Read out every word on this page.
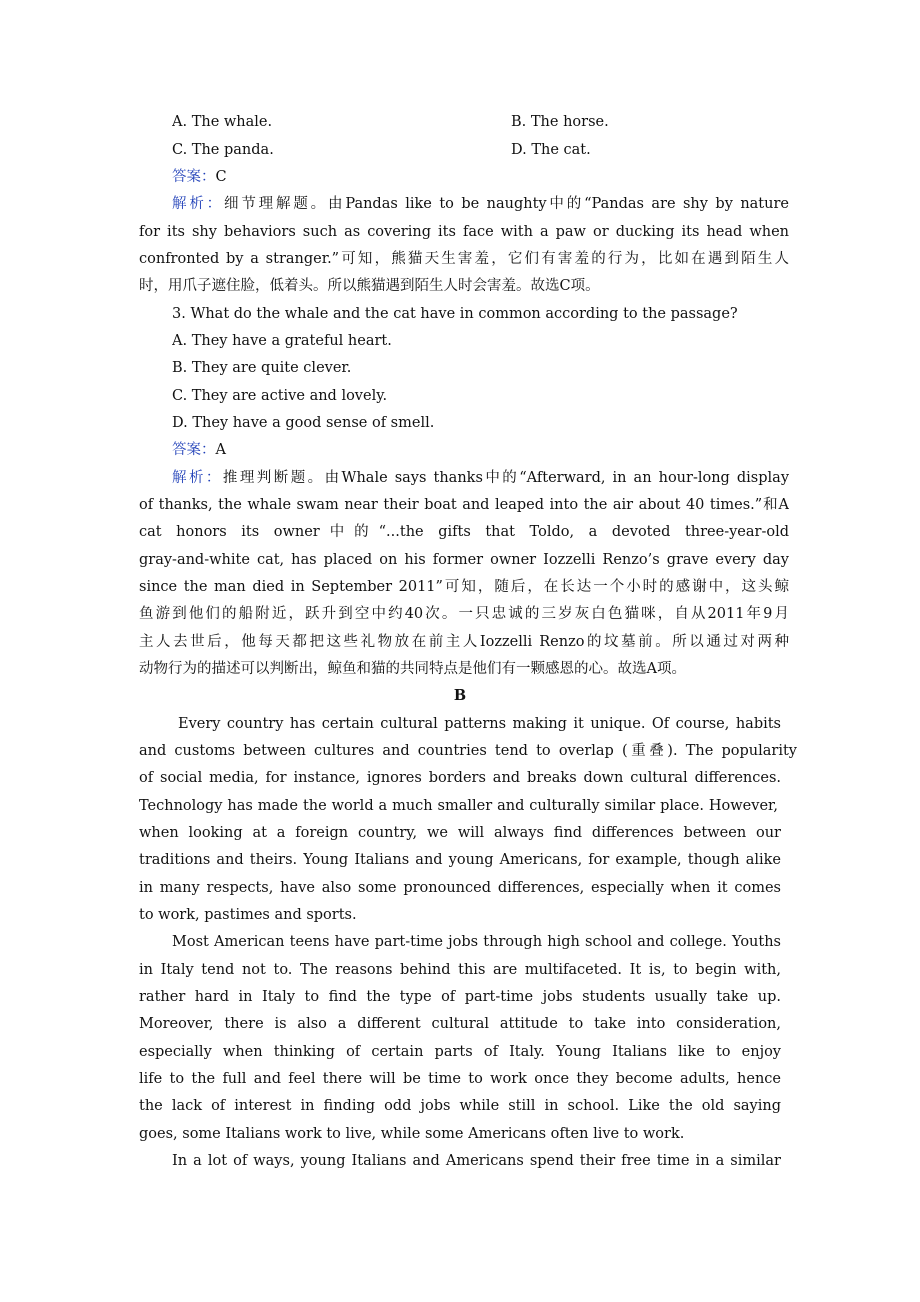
A. The whale.	B. The horse.
C. The panda.	D. The cat.
答案：C
解析：细节理解题。由Pandas like to be naughty中的“Pandas are shy by nature
for its shy behaviors such as covering its face with a paw or ducking its head when
confronted by a stranger.”可知，熊猫天生害羞，它们有害羞的行为，比如在遇到陌生人
时，用爪子遮住脸，低着头。所以熊猫遇到陌生人时会害羞。故选C项。
3. What do the whale and the cat have in common according to the passage?
A. They have a grateful heart.
B. They are quite clever.
C. They are active and lovely.
D. They have a good sense of smell.
答案：A
解析：推理判断题。由Whale says thanks中的“Afterward, in an hour-long display
of thanks, the whale swam near their boat and leaped into the air about 40 times.”和A
cat honors its owner中的“...the gifts that Toldo, a devoted three-year-old
gray-and-white cat, has placed on his former owner Iozzelli Renzo’s grave every day
since the man died in September 2011”可知，随后，在长达一个小时的感谢中，这头鲸
鱼游到他们的船附近，跃升到空中约40次。一只忠诚的三岁灰白色猫咪，自从2011年9月
主人去世后，他每天都把这些礼物放在前主人Iozzelli Renzo的坟墓前。所以通过对两种
动物行为的描述可以判断出，鲸鱼和猫的共同特点是他们有一颗感恩的心。故选A项。
B
Every country has certain cultural patterns making it unique. Of course, habits
and customs between cultures and countries tend to overlap (重叠). The popularity
of social media, for instance, ignores borders and breaks down cultural differences.
Technology has made the world a much smaller and culturally similar place. However,
when looking at a foreign country, we will always find differences between our
traditions and theirs. Young Italians and young Americans, for example, though alike
in many respects, have also some pronounced differences, especially when it comes
to work, pastimes and sports.
Most American teens have part-time jobs through high school and college. Youths
in Italy tend not to. The reasons behind this are multifaceted. It is, to begin with,
rather hard in Italy to find the type of part-time jobs students usually take up.
Moreover, there is also a different cultural attitude to take into consideration,
especially when thinking of certain parts of Italy. Young Italians like to enjoy
life to the full and feel there will be time to work once they become adults, hence
the lack of interest in finding odd jobs while still in school. Like the old saying
goes, some Italians work to live, while some Americans often live to work.
In a lot of ways, young Italians and Americans spend their free time in a similar
